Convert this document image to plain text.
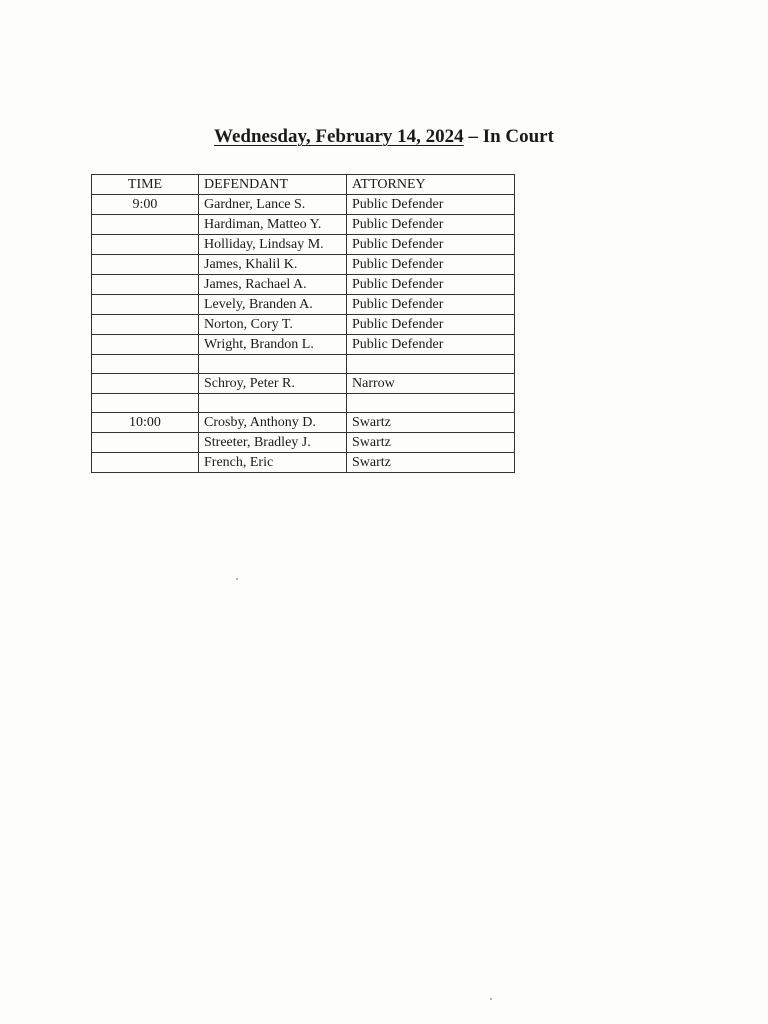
Wednesday, February 14, 2024 – In Court
TIME	DEFENDANT	ATTORNEY
9:00	Gardner, Lance S.	Public Defender
	Hardiman, Matteo Y.	Public Defender
	Holliday, Lindsay M.	Public Defender
	James, Khalil K.	Public Defender
	James, Rachael A.	Public Defender
	Levely, Branden A.	Public Defender
	Norton, Cory T.	Public Defender
	Wright, Brandon L.	Public Defender

	Schroy, Peter R.	Narrow

10:00	Crosby, Anthony D.	Swartz
	Streeter, Bradley J.	Swartz
	French, Eric	Swartz
